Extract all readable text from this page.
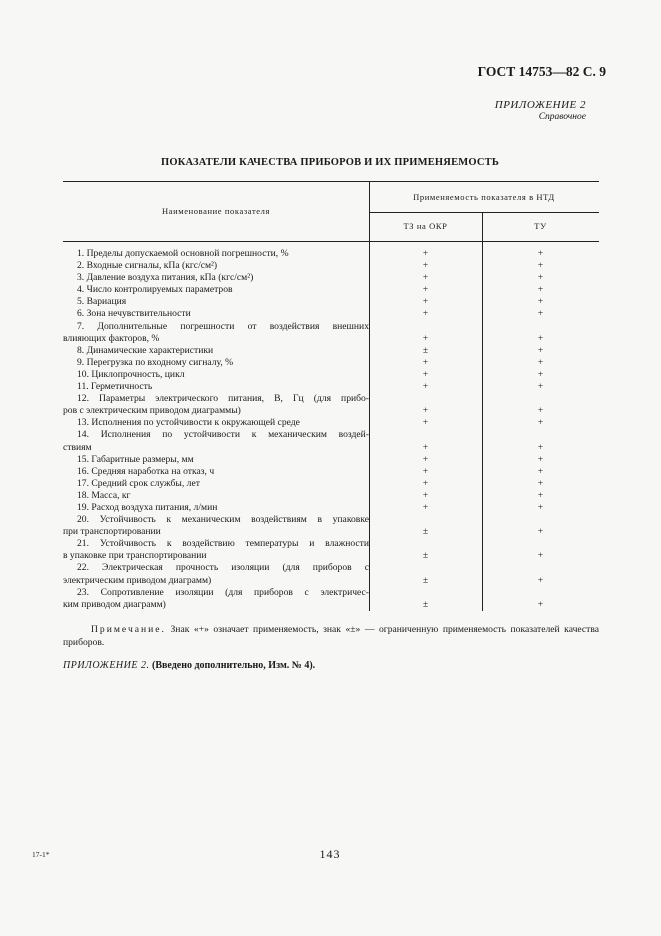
ГОСТ 14753—82 С. 9
ПРИЛОЖЕНИЕ 2
Справочное
ПОКАЗАТЕЛИ КАЧЕСТВА ПРИБОРОВ И ИХ ПРИМЕНЯЕМОСТЬ
Наименование показателя
Применяемость показателя в НТД
ТЗ на ОКР	ТУ
1. Пределы допускаемой основной погрешности, %	+	+
2. Входные сигналы, кПа (кгс/см²)	+	+
3. Давление воздуха питания, кПа (кгс/см²)	+	+
4. Число контролируемых параметров	+	+
5. Вариация	+	+
6. Зона нечувствительности	+	+
7. Дополнительные погрешности от воздействия внешних
влияющих факторов, %	+	+
8. Динамические характеристики	±	+
9. Перегрузка по входному сигналу, %	+	+
10. Циклопрочность, цикл	+	+
11. Герметичность	+	+
12. Параметры электрического питания, В, Гц (для прибо-
ров с электрическим приводом диаграммы)	+	+
13. Исполнения по устойчивости к окружающей среде	+	+
14. Исполнения по устойчивости к механическим воздей-
ствиям	+	+
15. Габаритные размеры, мм	+	+
16. Средняя наработка на отказ, ч	+	+
17. Средний срок службы, лет	+	+
18. Масса, кг	+	+
19. Расход воздуха питания, л/мин	+	+
20. Устойчивость к механическим воздействиям в упаковке
при транспортировании	±	+
21. Устойчивость к воздействию температуры и влажности
в упаковке при транспортировании	±	+
22. Электрическая прочность изоляции (для приборов с
электрическим приводом диаграмм)	±	+
23. Сопротивление изоляции (для приборов с электричес-
ким приводом диаграмм)	±	+
Примечание. Знак «+» означает применяемость, знак «±» — ограниченную применяемость показателей качества приборов.
ПРИЛОЖЕНИЕ 2. (Введено дополнительно, Изм. № 4).
17-1*	143
